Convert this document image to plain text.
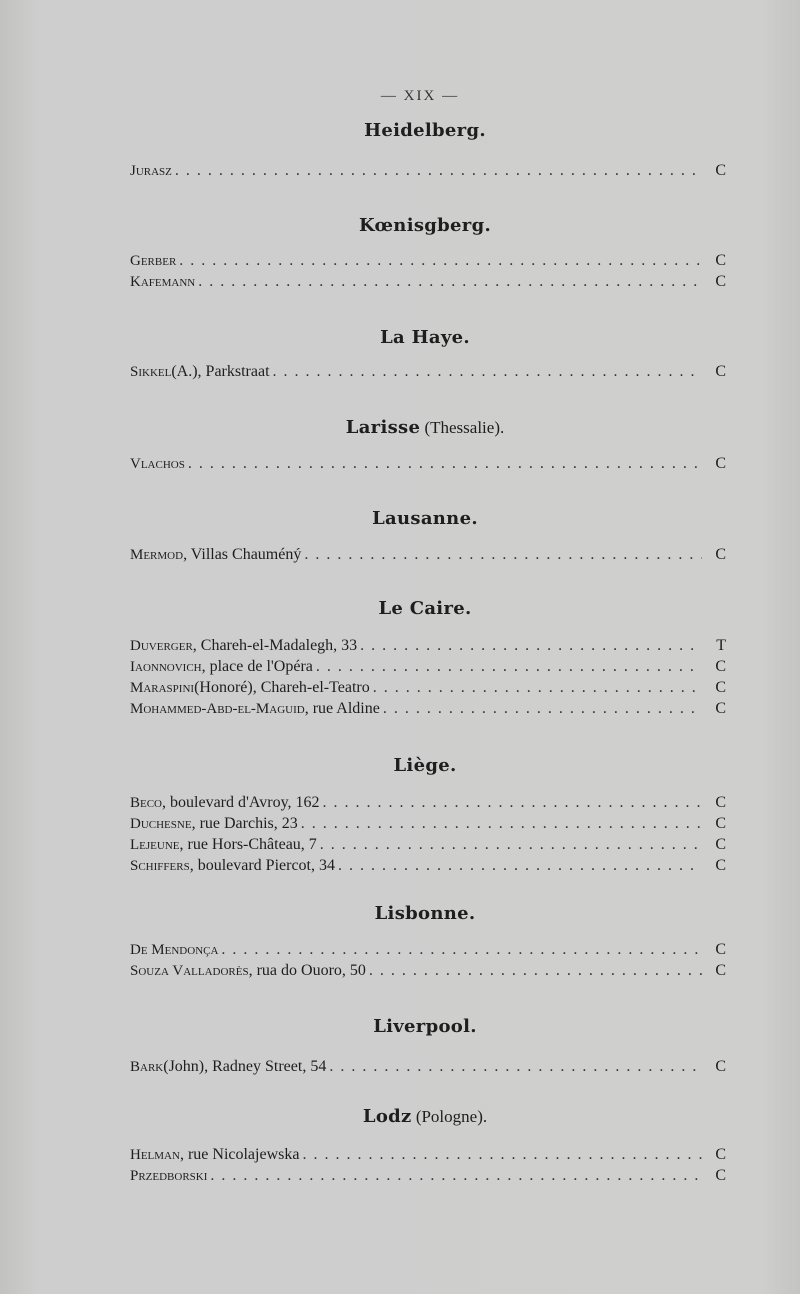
— XIX —
Heidelberg.
Jurasz . . .	C
Kœnisgberg.
Gerber . . .	C
Kafemann . . .	C
La Haye.
Sikkel (A.), Parkstraat . . .	C
Larisse (Thessalie).
Vlachos . . .	C
Lausanne.
Mermod , Villas Chauméný . . .	C
Le Caire.
Duverger , Chareh-el-Madalegh, 33 . . .	T
Iaonnovich , place de l'Opéra . . .	C
Maraspini (Honoré), Chareh-el-Teatro . . .	C
Mohammed-Abd-el-Maguid , rue Aldine . . .	C
Liège.
Beco , boulevard d'Avroy, 162 . . .	C
Duchesne , rue Darchis, 23 . . .	C
Lejeune , rue Hors-Château, 7 . . .	C
Schiffers , boulevard Piercot, 34 . . .	C
Lisbonne.
De Mendonça . . .	C
Souza Valladorès , rua do Ouoro, 50 . . .	C
Liverpool.
Bark (John), Radney Street, 54 . . .	C
Lodz (Pologne).
Helman , rue Nicolajewska . . .	C
Przedborski . . .	C
